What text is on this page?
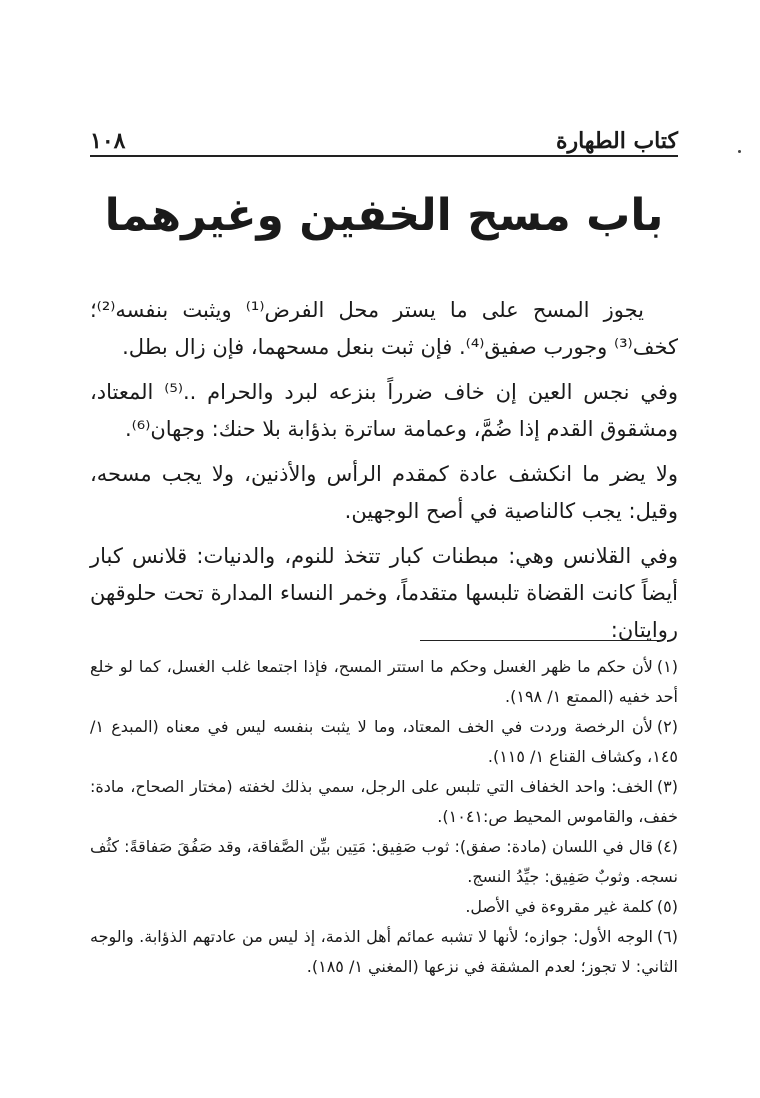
١٠٨	كتاب الطهارة
باب مسح الخفين وغيرهما

يجوز المسح على ما يستر محل الفرض⁽¹⁾ ويثبت بنفسه⁽²⁾؛ كخف⁽³⁾ وجورب صفيق⁽⁴⁾. فإن ثبت بنعل مسحهما، فإن زال بطل.

وفي نجس العين إن خاف ضرراً بنزعه لبرد والحرام ..⁽⁵⁾ المعتاد، ومشقوق القدم إذا ضُمَّ، وعمامة ساترة بذؤابة بلا حنك: وجهان⁽⁶⁾.

ولا يضر ما انكشف عادة كمقدم الرأس والأذنين، ولا يجب مسحه، وقيل: يجب كالناصية في أصح الوجهين.

وفي القلانس وهي: مبطنات كبار تتخذ للنوم، والدنيات: قلانس كبار أيضاً كانت القضاة تلبسها متقدماً، وخمر النساء المدارة تحت حلوقهن روايتان:

(١)لأن حكم ما ظهر الغسل وحكم ما استتر المسح، فإذا اجتمعا غلب الغسل، كما لو خلع أحد خفيه (الممتع ١/ ١٩٨).

(٢)لأن الرخصة وردت في الخف المعتاد، وما لا يثبت بنفسه ليس في معناه (المبدع ١/ ١٤٥، وكشاف القناع ١/ ١١٥).

(٣)الخف: واحد الخفاف التي تلبس على الرجل، سمي بذلك لخفته (مختار الصحاح، مادة: خفف، والقاموس المحيط ص:١٠٤١).

(٤)قال في اللسان (مادة: صفق): ثوب صَفِيق: مَتِين بيِّن الصَّفاقة، وقد صَفُقَ صَفاقةً: كثُف نسجه. وثوبٌ صَفِيق: جيِّدُ النسج.

(٥)كلمة غير مقروءة في الأصل.

(٦)الوجه الأول: جوازه؛ لأنها لا تشبه عمائم أهل الذمة، إذ ليس من عادتهم الذؤابة. والوجه الثاني: لا تجوز؛ لعدم المشقة في نزعها (المغني ١/ ١٨٥).
